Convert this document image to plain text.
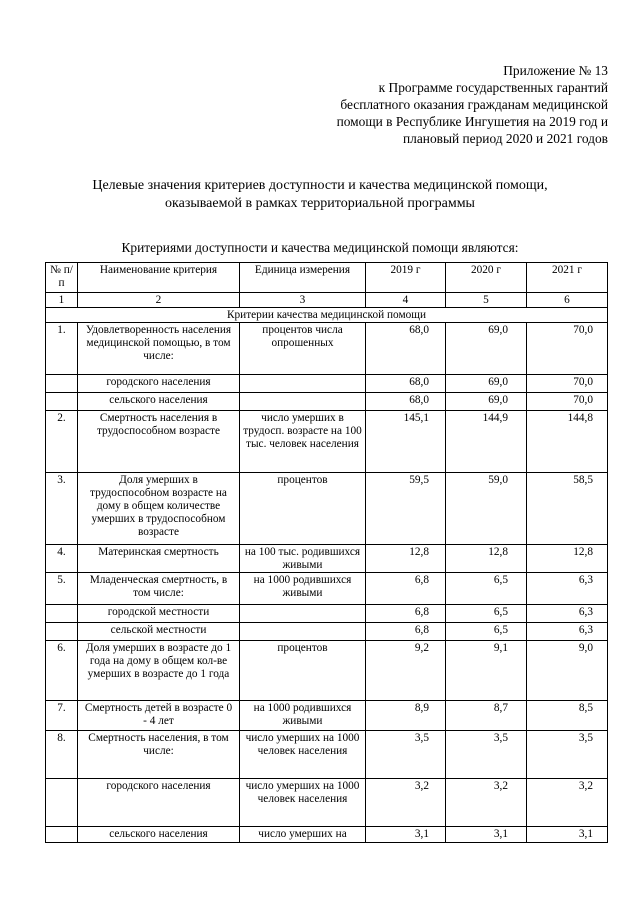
Приложение № 13
к Программе государственных гарантий
бесплатного оказания гражданам медицинской
помощи в Республике Ингушетия на 2019 год и
плановый период 2020 и 2021 годов
Целевые значения критериев доступности и качества медицинской помощи,
оказываемой в рамках территориальной программы
Критериями доступности и качества медицинской помощи являются:
№ п/п	Наименование критерия	Единица измерения	2019 г	2020 г	2021 г
1	2	3	4	5	6
Критерии качества медицинской помощи					
1.	Удовлетворенность населения медицинской помощью, в том числе:	процентов числа опрошенных	68,0	69,0	70,0
	городского населения		68,0	69,0	70,0
	сельского населения		68,0	69,0	70,0
2.	Смертность населения в трудоспособном возрасте	число умерших в трудосп. возрасте на 100 тыс. человек населения	145,1	144,9	144,8
3.	Доля умерших в трудоспособном возрасте на дому в общем количестве умерших в трудоспособном возрасте	процентов	59,5	59,0	58,5
4.	Материнская смертность	на 100 тыс. родившихся живыми	12,8	12,8	12,8
5.	Младенческая смертность, в том числе:	на 1000 родившихся живыми	6,8	6,5	6,3
	городской местности		6,8	6,5	6,3
	сельской местности		6,8	6,5	6,3
6.	Доля умерших в возрасте до 1 года на дому в общем кол-ве умерших в возрасте до 1 года	процентов	9,2	9,1	9,0
7.	Смертность детей в возрасте 0 - 4 лет	на 1000 родившихся живыми	8,9	8,7	8,5
8.	Смертность населения, в том числе:	число умерших на 1000 человек населения	3,5	3,5	3,5
	городского населения	число умерших на 1000 человек населения	3,2	3,2	3,2
	сельского населения	число умерших на	3,1	3,1	3,1
